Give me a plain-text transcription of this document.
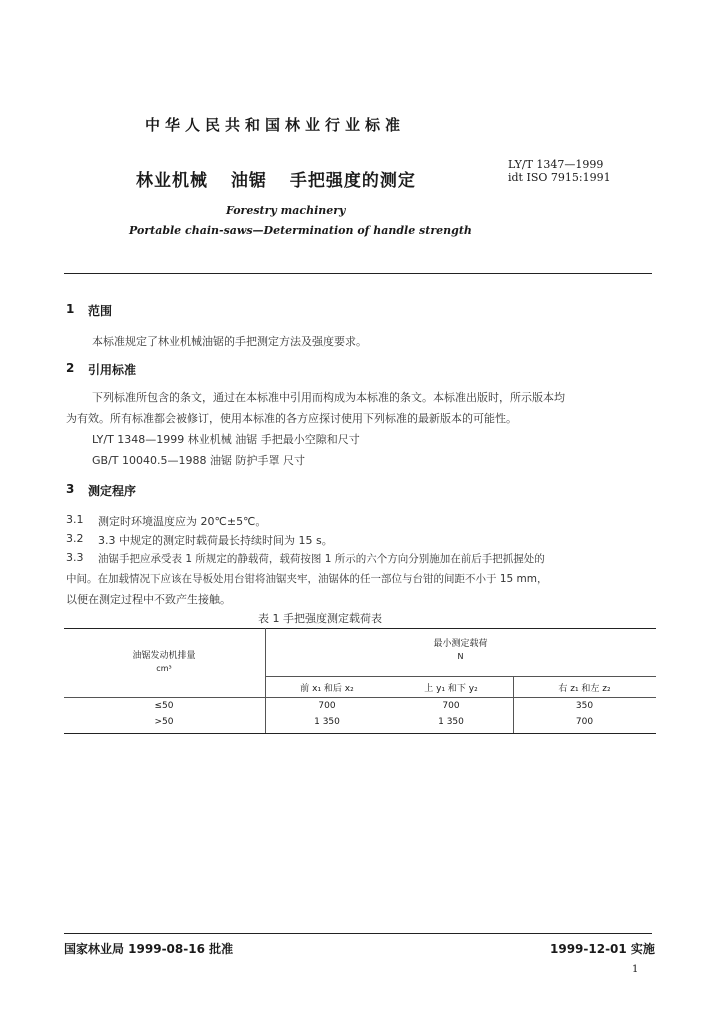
中华人民共和国林业行业标准
林业机械 油锯 手把强度的测定
LY/T 1347—1999
idt ISO 7915:1991
Forestry machinery
Portable chain-saws—Determination of handle strength
1 范围
本标准规定了林业机械油锯的手把测定方法及强度要求。
2 引用标准
下列标准所包含的条文，通过在本标准中引用而构成为本标准的条文。本标准出版时，所示版本均
为有效。所有标准都会被修订，使用本标准的各方应探讨使用下列标准的最新版本的可能性。
LY/T 1348—1999 林业机械 油锯 手把最小空隙和尺寸
GB/T 10040.5—1988 油锯 防护手罩 尺寸
3 测定程序
3.1 测定时环境温度应为 20℃±5℃。
3.2 3.3 中规定的测定时载荷最长持续时间为 15 s。
3.3 油锯手把应承受表 1 所规定的静载荷，载荷按图 1 所示的六个方向分别施加在前后手把抓握处的
中间。在加载情况下应该在导板处用台钳将油锯夹牢，油锯体的任一部位与台钳的间距不小于 15 mm，
以便在测定过程中不致产生接触。
表 1 手把强度测定载荷表
油锯发动机排量
cm³
最小测定载荷
N
前 x₁ 和后 x₂	上 y₁ 和下 y₂	右 z₁ 和左 z₂
≤50	700	700	350
>50	1 350	1 350	700
国家林业局 1999-08-16 批准	1999-12-01 实施
1
